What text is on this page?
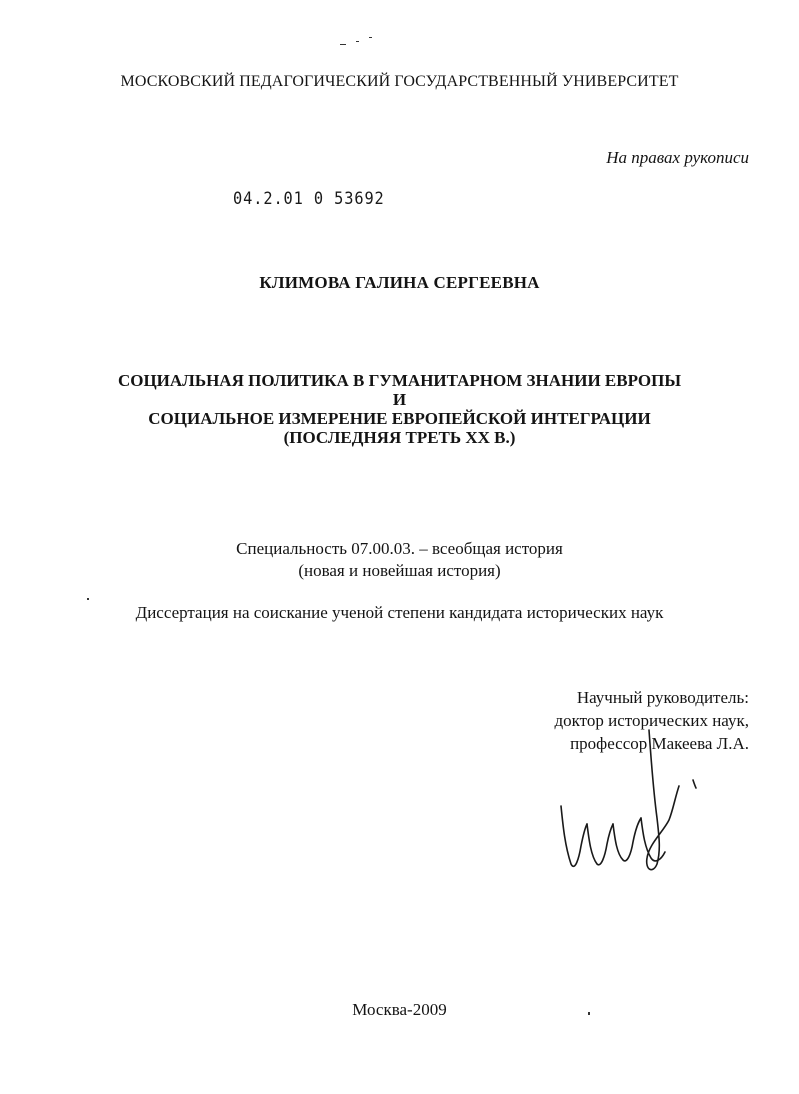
МОСКОВСКИЙ ПЕДАГОГИЧЕСКИЙ ГОСУДАРСТВЕННЫЙ УНИВЕРСИТЕТ
На правах рукописи
04.2.01 0 53692
КЛИМОВА ГАЛИНА СЕРГЕЕВНА
СОЦИАЛЬНАЯ ПОЛИТИКА В ГУМАНИТАРНОМ ЗНАНИИ ЕВРОПЫ
И
СОЦИАЛЬНОЕ ИЗМЕРЕНИЕ ЕВРОПЕЙСКОЙ ИНТЕГРАЦИИ
(ПОСЛЕДНЯЯ ТРЕТЬ XX В.)
Специальность 07.00.03. – всеобщая история
(новая и новейшая история)
Диссертация на соискание ученой степени кандидата исторических наук
Научный руководитель:
доктор исторических наук,
профессор Макеева Л.А.
Москва-2009
